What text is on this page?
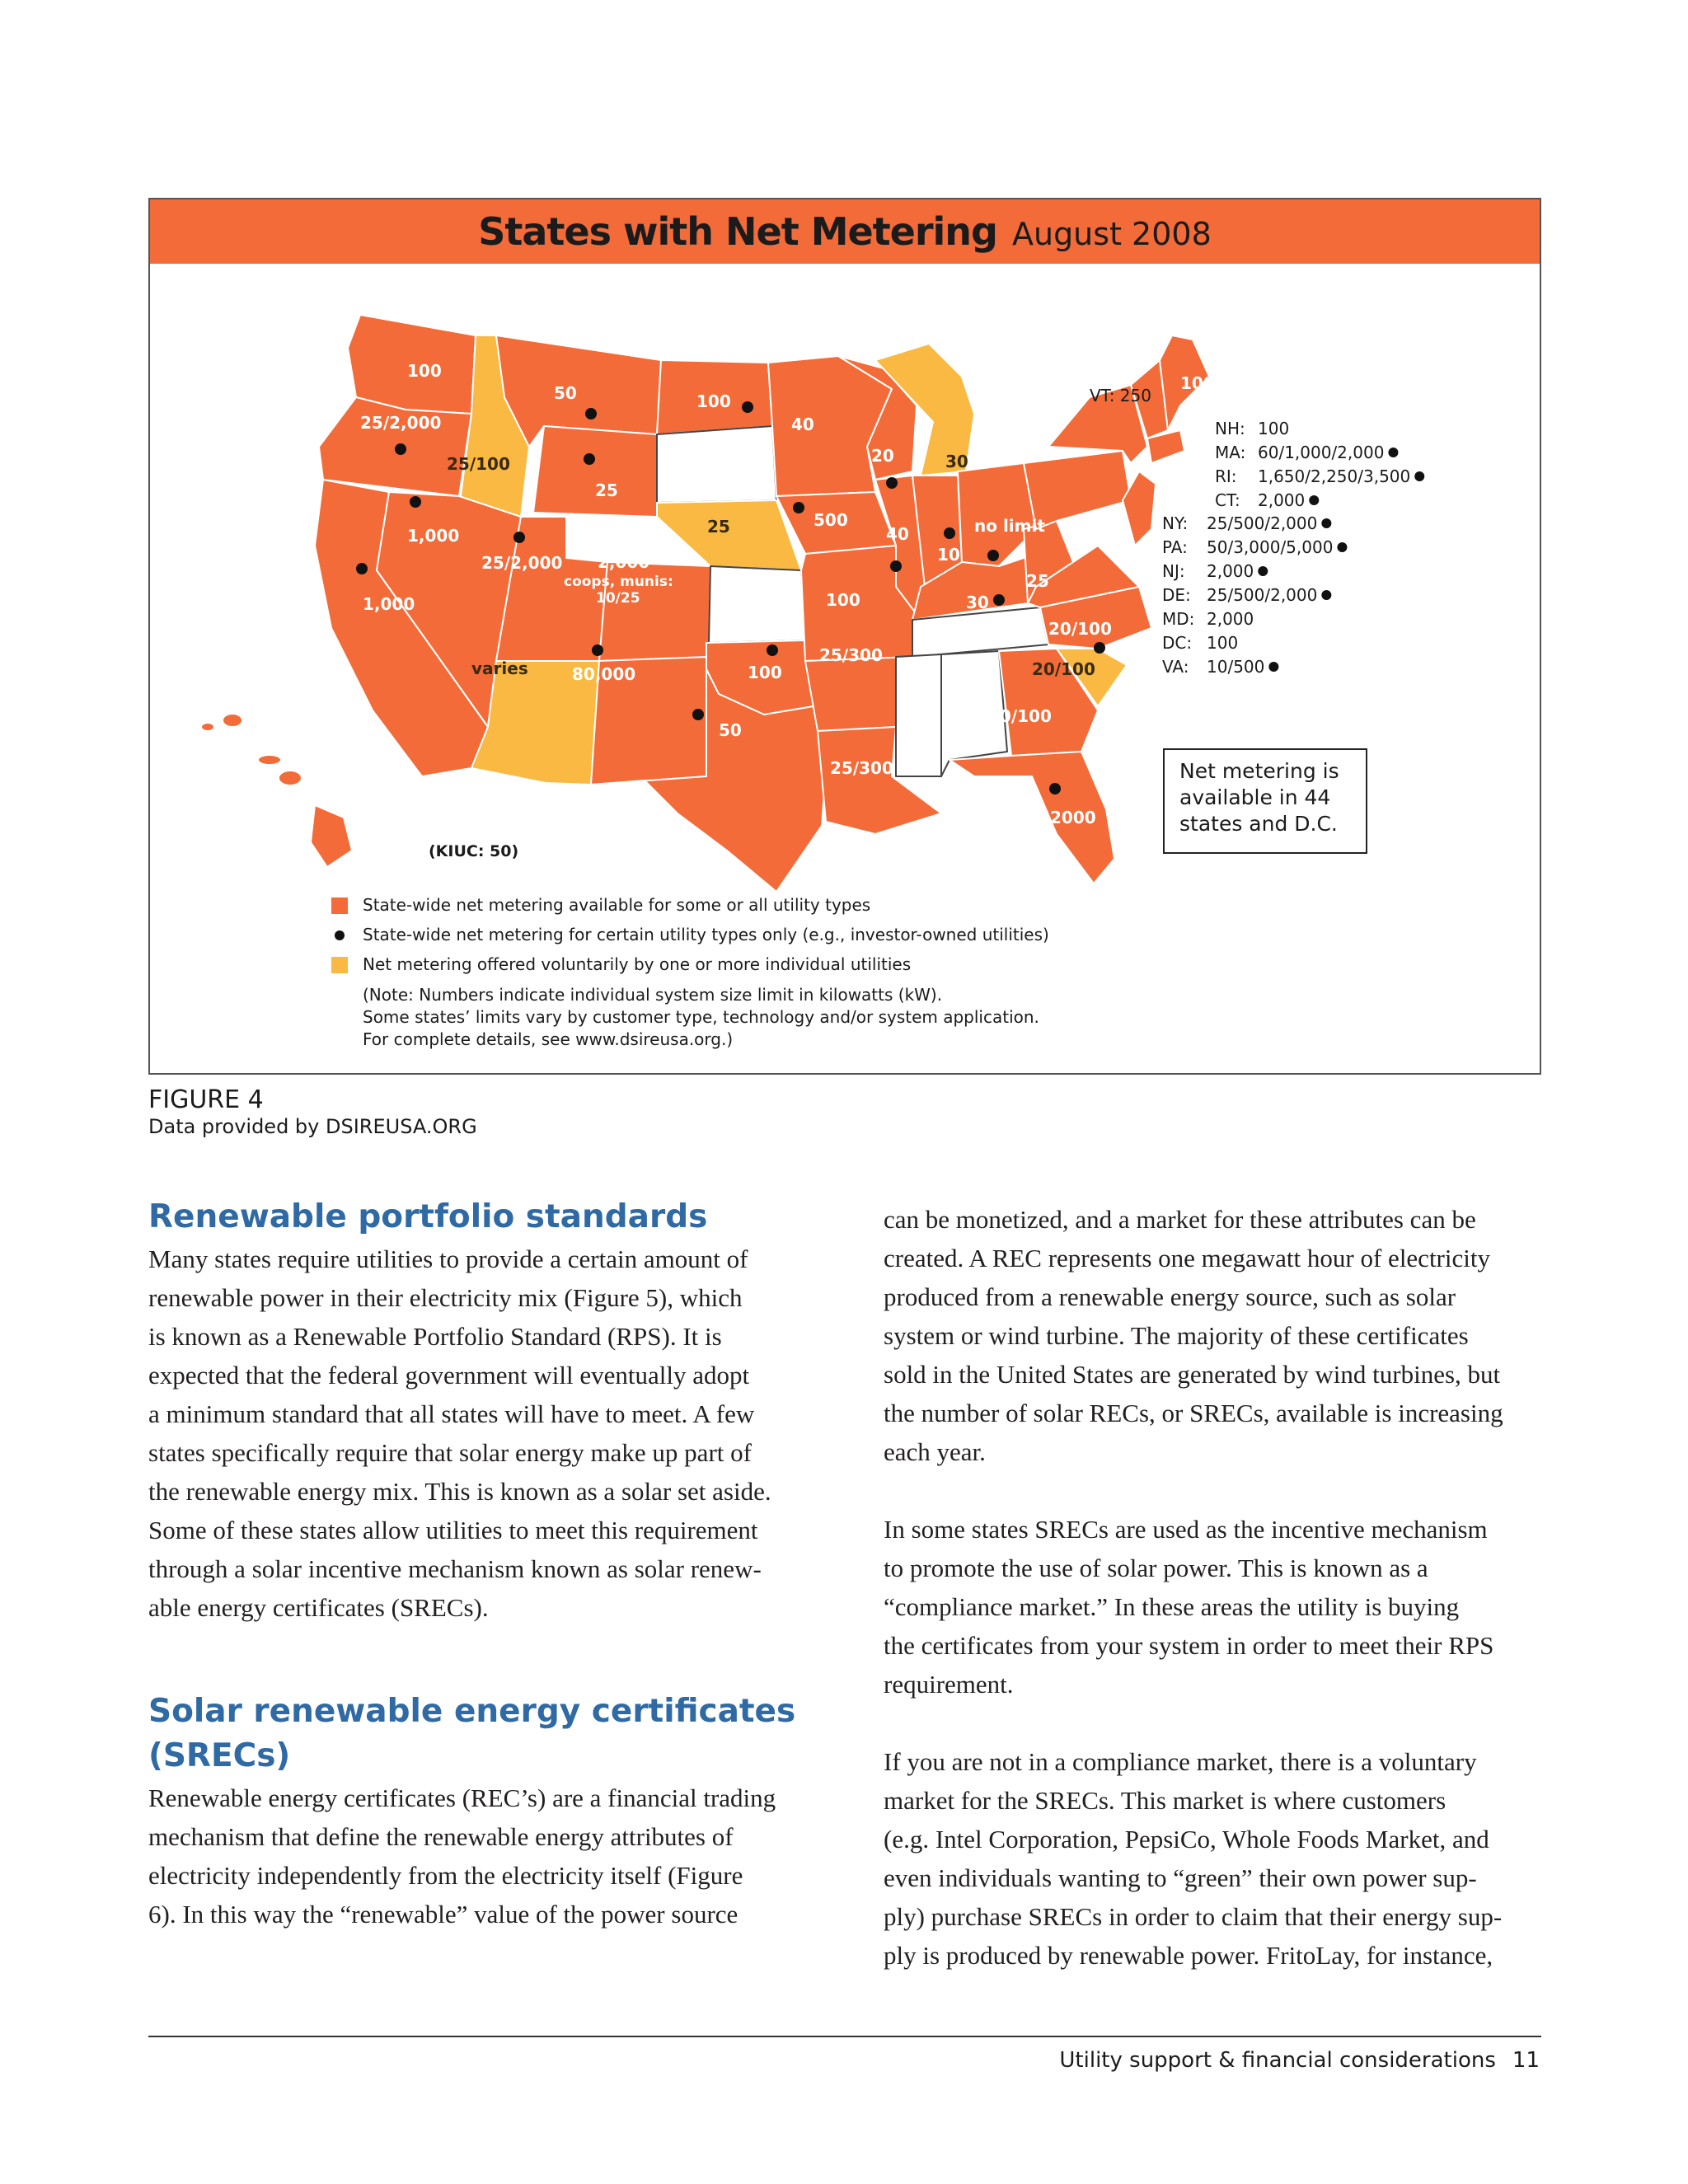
States with Net Metering August 2008
100
25/2,000
25/100
50
25
1,000
1,000
25/2,000 2,000
coops, munis:
10/25
varies	80,000
100
25
100
50
40
500
100
25/300
25/300
20
40
30
10
no limit
30
25
20/100
20/100
10/100
2000
100
VT: 250
100
(KIUC: 50)
NH: 100
MA: 60/1,000/2,000
RI: 1,650/2,250/3,500
CT: 2,000
NY: 25/500/2,000
PA: 50/3,000/5,000
NJ: 2,000
DE: 25/500/2,000
MD: 2,000
DC: 100
VA: 10/500
Net metering is available in 44 states and D.C.
State-wide net metering available for some or all utility types
State-wide net metering for certain utility types only (e.g., investor-owned utilities)
Net metering offered voluntarily by one or more individual utilities
(Note: Numbers indicate individual system size limit in kilowatts (kW).
Some states’ limits vary by customer type, technology and/or system application.
For complete details, see www.dsireusa.org.)
FIGURE 4
Data provided by DSIREUSA.ORG
Renewable portfolio standards

Many states require utilities to provide a certain amount of
renewable power in their electricity mix (Figure 5), which
is known as a Renewable Portfolio Standard (RPS). It is
expected that the federal government will eventually adopt
a minimum standard that all states will have to meet. A few
states specifically require that solar energy make up part of
the renewable energy mix. This is known as a solar set aside.
Some of these states allow utilities to meet this requirement
through a solar incentive mechanism known as solar renew-
able energy certificates (SRECs).

Solar renewable energy certificates
(SRECs)

Renewable energy certificates (REC’s) are a financial trading
mechanism that define the renewable energy attributes of
electricity independently from the electricity itself (Figure
6). In this way the “renewable” value of the power source

can be monetized, and a market for these attributes can be
created. A REC represents one megawatt hour of electricity
produced from a renewable energy source, such as solar
system or wind turbine. The majority of these certificates
sold in the United States are generated by wind turbines, but
the number of solar RECs, or SRECs, available is increasing
each year.

In some states SRECs are used as the incentive mechanism
to promote the use of solar power. This is known as a
“compliance market.” In these areas the utility is buying
the certificates from your system in order to meet their RPS
requirement.

If you are not in a compliance market, there is a voluntary
market for the SRECs. This market is where customers
(e.g. Intel Corporation, PepsiCo, Whole Foods Market, and
even individuals wanting to “green” their own power sup-
ply) purchase SRECs in order to claim that their energy sup-
ply is produced by renewable power. FritoLay, for instance,

Utility support & financial considerations 11
